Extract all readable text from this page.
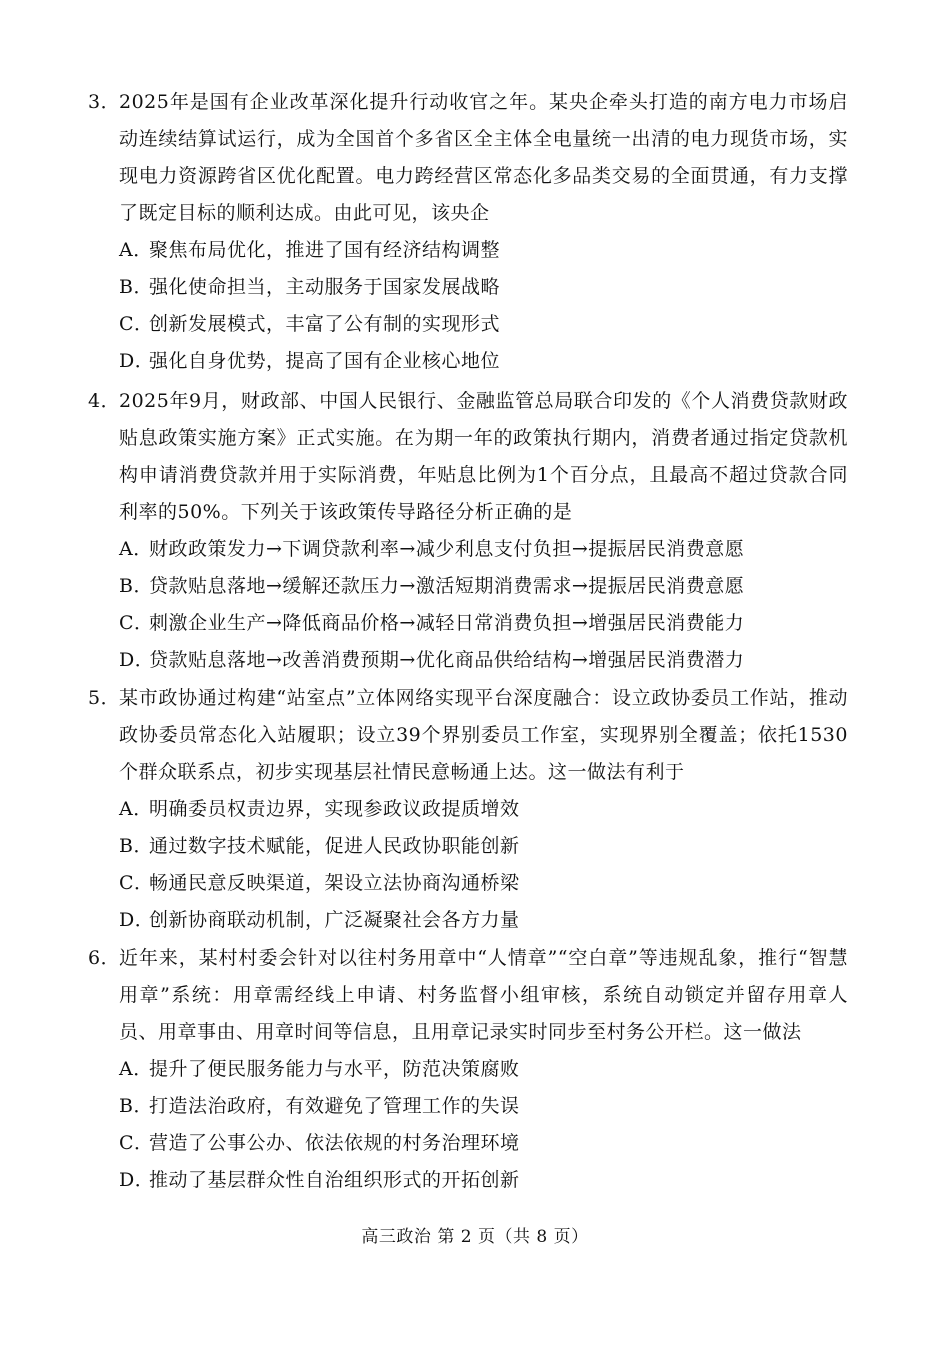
3．
2025年是国有企业改革深化提升行动收官之年。某央企牵头打造的南方电力市场启动连续结算试运行，成为全国首个多省区全主体全电量统一出清的电力现货市场，实现电力资源跨省区优化配置。电力跨经营区常态化多品类交易的全面贯通，有力支撑了既定目标的顺利达成。由此可见，该央企
A．聚焦布局优化，推进了国有经济结构调整
B．强化使命担当，主动服务于国家发展战略
C．创新发展模式，丰富了公有制的实现形式
D．强化自身优势，提高了国有企业核心地位
4．
2025年9月，财政部、中国人民银行、金融监管总局联合印发的《个人消费贷款财政贴息政策实施方案》正式实施。在为期一年的政策执行期内，消费者通过指定贷款机构申请消费贷款并用于实际消费，年贴息比例为1个百分点，且最高不超过贷款合同利率的50%。下列关于该政策传导路径分析正确的是
A．财政政策发力→下调贷款利率→减少利息支付负担→提振居民消费意愿
B．贷款贴息落地→缓解还款压力→激活短期消费需求→提振居民消费意愿
C．刺激企业生产→降低商品价格→减轻日常消费负担→增强居民消费能力
D．贷款贴息落地→改善消费预期→优化商品供给结构→增强居民消费潜力
5．
某市政协通过构建“站室点”立体网络实现平台深度融合：设立政协委员工作站，推动政协委员常态化入站履职；设立39个界别委员工作室，实现界别全覆盖；依托1530个群众联系点，初步实现基层社情民意畅通上达。这一做法有利于
A．明确委员权责边界，实现参政议政提质增效
B．通过数字技术赋能，促进人民政协职能创新
C．畅通民意反映渠道，架设立法协商沟通桥梁
D．创新协商联动机制，广泛凝聚社会各方力量
6．
近年来，某村村委会针对以往村务用章中“人情章”“空白章”等违规乱象，推行“智慧用章”系统：用章需经线上申请、村务监督小组审核，系统自动锁定并留存用章人员、用章事由、用章时间等信息，且用章记录实时同步至村务公开栏。这一做法
A．提升了便民服务能力与水平，防范决策腐败
B．打造法治政府，有效避免了管理工作的失误
C．营造了公事公办、依法依规的村务治理环境
D．推动了基层群众性自治组织形式的开拓创新
高三政治 第 2 页（共 8 页）
